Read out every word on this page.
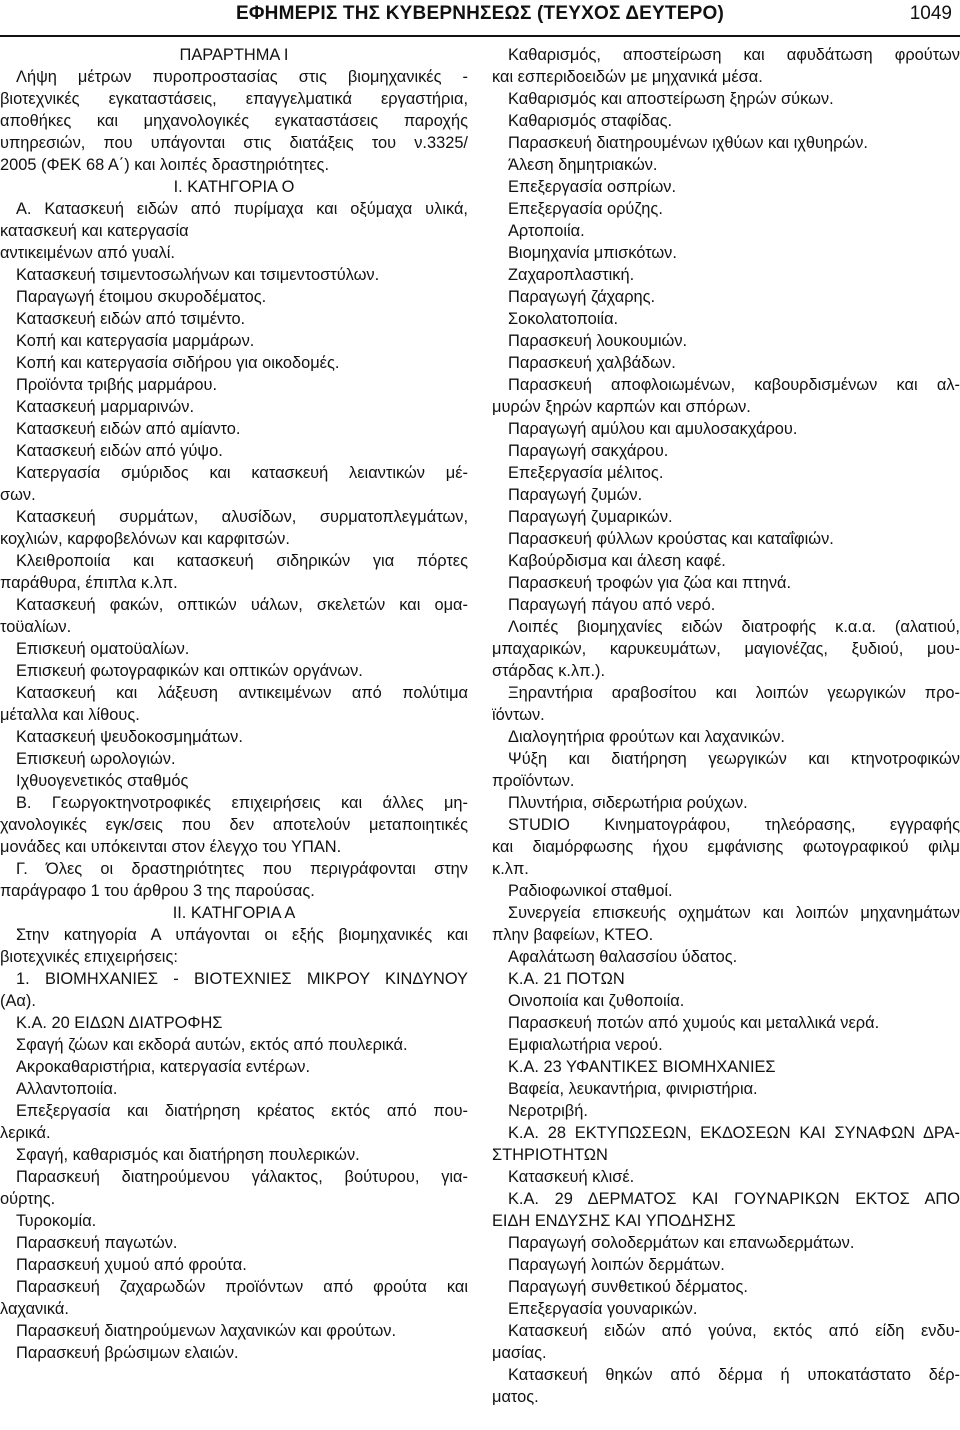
ΕΦΗΜΕΡΙΣ ΤΗΣ ΚΥΒΕΡΝΗΣΕΩΣ (ΤΕΥΧΟΣ ΔΕΥΤΕΡΟ)	1049
ΠΑΡΑΡΤΗΜΑ Ι
Λήψη μέτρων πυροπροστασίας στις βιομηχανικές -
βιοτεχνικές εγκαταστάσεις, επαγγελματικά εργαστήρια,
αποθήκες και μηχανολογικές εγκαταστάσεις παροχής
υπηρεσιών, που υπάγονται στις διατάξεις του ν.3325/
2005 (ΦΕΚ 68 Α΄) και λοιπές δραστηριότητες.
Ι. ΚΑΤΗΓΟΡΙΑ Ο
Α. Κατασκευή ειδών από πυρίμαχα και οξύμαχα υλικά,
κατασκευή και κατεργασία
αντικειμένων από γυαλί.
Κατασκευή τσιμεντοσωλήνων και τσιμεντοστύλων.
Παραγωγή έτοιμου σκυροδέματος.
Κατασκευή ειδών από τσιμέντο.
Κοπή και κατεργασία μαρμάρων.
Κοπή και κατεργασία σιδήρου για οικοδομές.
Προϊόντα τριβής μαρμάρου.
Κατασκευή μαρμαρινών.
Κατασκευή ειδών από αμίαντο.
Κατασκευή ειδών από γύψο.
Κατεργασία σμύριδος και κατασκευή λειαντικών μέ-
σων.
Κατασκευή συρμάτων, αλυσίδων, συρματοπλεγμάτων,
κοχλιών, καρφοβελόνων και καρφιτσών.
Κλειθροποιία και κατασκευή σιδηρικών για πόρτες
παράθυρα, έπιπλα κ.λπ.
Κατασκευή φακών, οπτικών υάλων, σκελετών και ομα-
τοϋαλίων.
Επισκευή οματοϋαλίων.
Επισκευή φωτογραφικών και οπτικών οργάνων.
Κατασκευή και λάξευση αντικειμένων από πολύτιμα
μέταλλα και λίθους.
Κατασκευή ψευδοκοσμημάτων.
Επισκευή ωρολογιών.
Ιχθυογενετικός σταθμός
Β. Γεωργοκτηνοτροφικές επιχειρήσεις και άλλες μη-
χανολογικές εγκ/σεις που δεν αποτελούν μεταποιητικές
μονάδες και υπόκεινται στον έλεγχο του ΥΠΑΝ.
Γ. Όλες οι δραστηριότητες που περιγράφονται στην
παράγραφο 1 του άρθρου 3 της παρούσας.
ΙΙ. ΚΑΤΗΓΟΡΙΑ Α
Στην κατηγορία Α υπάγονται οι εξής βιομηχανικές και
βιοτεχνικές επιχειρήσεις:
1. ΒΙΟΜΗΧΑΝΙΕΣ - ΒΙΟΤΕΧΝΙΕΣ ΜΙΚΡΟΥ ΚΙΝΔΥΝΟΥ
(Αα).
Κ.Α. 20 ΕΙΔΩΝ ΔΙΑΤΡΟΦΗΣ
Σφαγή ζώων και εκδορά αυτών, εκτός από πουλερικά.
Ακροκαθαριστήρια, κατεργασία εντέρων.
Αλλαντοποιία.
Επεξεργασία και διατήρηση κρέατος εκτός από που-
λερικά.
Σφαγή, καθαρισμός και διατήρηση πουλερικών.
Παρασκευή διατηρούμενου γάλακτος, βούτυρου, για-
ούρτης.
Τυροκομία.
Παρασκευή παγωτών.
Παρασκευή χυμού από φρούτα.
Παρασκευή ζαχαρωδών προϊόντων από φρούτα και
λαχανικά.
Παρασκευή διατηρούμενων λαχανικών και φρούτων.
Παρασκευή βρώσιμων ελαιών.
Καθαρισμός, αποστείρωση και αφυδάτωση φρούτων
και εσπεριδοειδών με μηχανικά μέσα.
Καθαρισμός και αποστείρωση ξηρών σύκων.
Καθαρισμός σταφίδας.
Παρασκευή διατηρουμένων ιχθύων και ιχθυηρών.
Άλεση δημητριακών.
Επεξεργασία οσπρίων.
Επεξεργασία ορύζης.
Αρτοποιία.
Βιομηχανία μπισκότων.
Ζαχαροπλαστική.
Παραγωγή ζάχαρης.
Σοκολατοποιία.
Παρασκευή λουκουμιών.
Παρασκευή χαλβάδων.
Παρασκευή αποφλοιωμένων, καβουρδισμένων και αλ-
μυρών ξηρών καρπών και σπόρων.
Παραγωγή αμύλου και αμυλοσακχάρου.
Παραγωγή σακχάρου.
Επεξεργασία μέλιτος.
Παραγωγή ζυμών.
Παραγωγή ζυμαρικών.
Παρασκευή φύλλων κρούστας και καταΐφιών.
Καβούρδισμα και άλεση καφέ.
Παρασκευή τροφών για ζώα και πτηνά.
Παραγωγή πάγου από νερό.
Λοιπές βιομηχανίες ειδών διατροφής κ.α.α. (αλατιού,
μπαχαρικών, καρυκευμάτων, μαγιονέζας, ξυδιού, μου-
στάρδας κ.λπ.).
Ξηραντήρια αραβοσίτου και λοιπών γεωργικών προ-
ϊόντων.
Διαλογητήρια φρούτων και λαχανικών.
Ψύξη και διατήρηση γεωργικών και κτηνοτροφικών
προϊόντων.
Πλυντήρια, σιδερωτήρια ρούχων.
STUDIO Κινηματογράφου, τηλεόρασης, εγγραφής
και διαμόρφωσης ήχου εμφάνισης φωτογραφικού φιλμ
κ.λπ.
Ραδιοφωνικοί σταθμοί.
Συνεργεία επισκευής οχημάτων και λοιπών μηχανημάτων
πλην βαφείων, ΚΤΕΟ.
Αφαλάτωση θαλασσίου ύδατος.
Κ.Α. 21 ΠΟΤΩΝ
Οινοποιία και ζυθοποιία.
Παρασκευή ποτών από χυμούς και μεταλλικά νερά.
Εμφιαλωτήρια νερού.
Κ.Α. 23 ΥΦΑΝΤΙΚΕΣ ΒΙΟΜΗΧΑΝΙΕΣ
Βαφεία, λευκαντήρια, φινιριστήρια.
Νεροτριβή.
Κ.Α. 28 ΕΚΤΥΠΩΣΕΩΝ, ΕΚΔΟΣΕΩΝ ΚΑΙ ΣΥΝΑΦΩΝ ΔΡΑ-
ΣΤΗΡΙΟΤΗΤΩΝ
Κατασκευή κλισέ.
Κ.Α. 29 ΔΕΡΜΑΤΟΣ ΚΑΙ ΓΟΥΝΑΡΙΚΩΝ ΕΚΤΟΣ ΑΠΟ
ΕΙΔΗ ΕΝΔΥΣΗΣ ΚΑΙ ΥΠΟΔΗΣΗΣ
Παραγωγή σολοδερμάτων και επανωδερμάτων.
Παραγωγή λοιπών δερμάτων.
Παραγωγή συνθετικού δέρματος.
Επεξεργασία γουναρικών.
Κατασκευή ειδών από γούνα, εκτός από είδη ενδυ-
μασίας.
Κατασκευή θηκών από δέρμα ή υποκατάστατο δέρ-
ματος.
